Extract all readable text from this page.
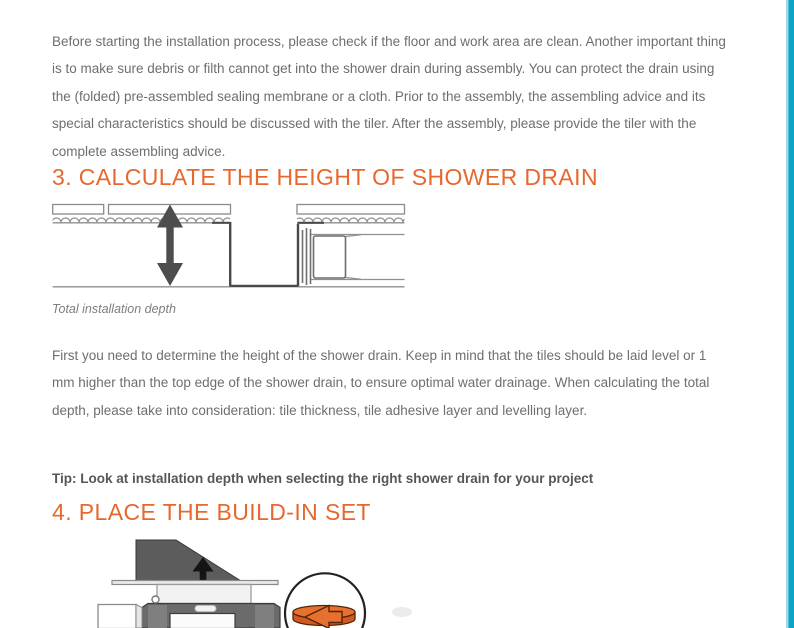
Before starting the installation process, please check if the floor and work area are clean. Another important thing
is to make sure debris or filth cannot get into the shower drain during assembly. You can protect the drain using
the (folded) pre-assembled sealing membrane or a cloth. Prior to the assembly, the assembling advice and its
special characteristics should be discussed with the tiler. After the assembly, please provide the tiler with the
complete assembling advice.
3. CALCULATE THE HEIGHT OF SHOWER DRAIN
Total installation depth
First you need to determine the height of the shower drain. Keep in mind that the tiles should be laid level or 1
mm higher than the top edge of the shower drain, to ensure optimal water drainage. When calculating the total
depth, please take into consideration: tile thickness, tile adhesive layer and levelling layer.
Tip: Look at installation depth when selecting the right shower drain for your project
4. PLACE THE BUILD-IN SET
